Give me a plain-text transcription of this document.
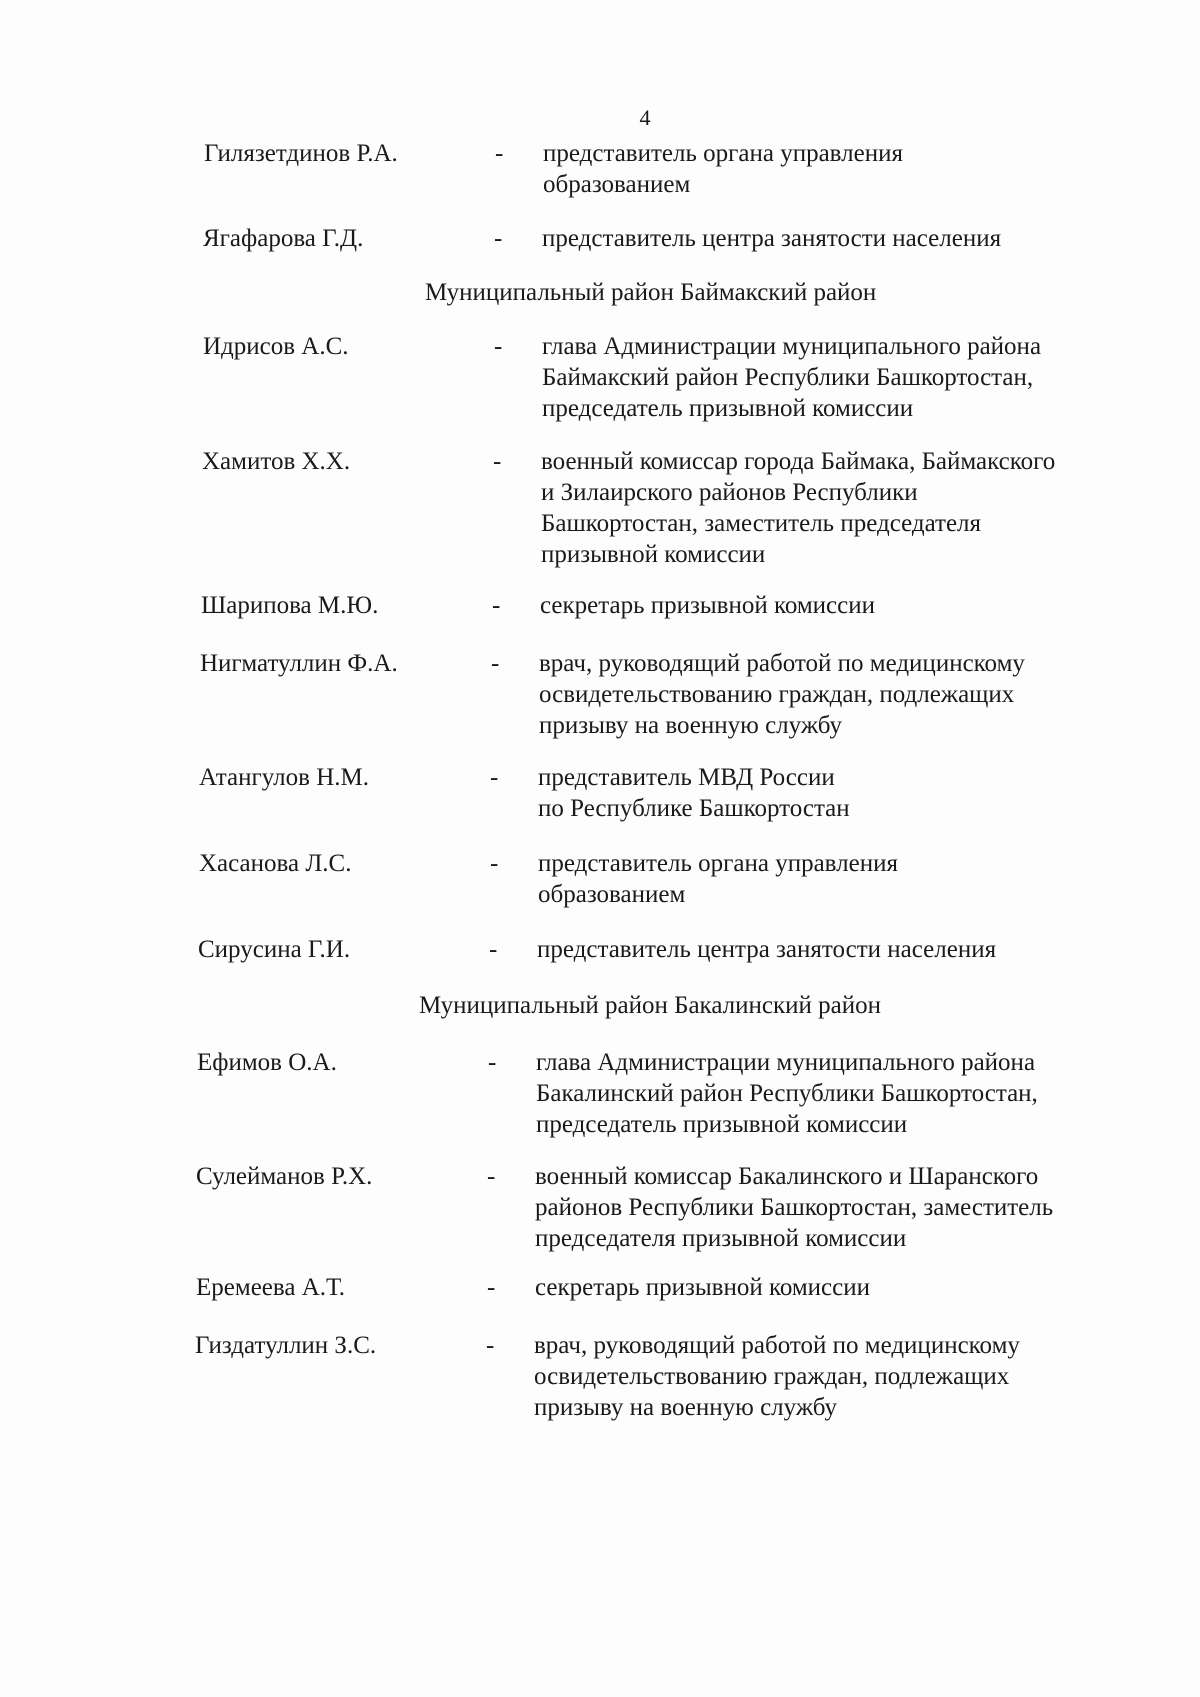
4
Гилязетдинов Р.А.	- представитель органа управления
образованием
Ягафарова Г.Д.	- представитель центра занятости населения
Муниципальный район Баймакский район
Идрисов А.С.	- глава Администрации муниципального района
Баймакский район Республики Башкортостан,
председатель призывной комиссии
Хамитов Х.Х.	- военный комиссар города Баймака, Баймакского
и Зилаирского районов Республики
Башкортостан, заместитель председателя
призывной комиссии
Шарипова М.Ю.	- секретарь призывной комиссии
Нигматуллин Ф.А.	- врач, руководящий работой по медицинскому
освидетельствованию граждан, подлежащих
призыву на военную службу
Атангулов Н.М.	- представитель МВД России
по Республике Башкортостан
Хасанова Л.С.	- представитель органа управления
образованием
Сирусина Г.И.	- представитель центра занятости населения
Муниципальный район Бакалинский район
Ефимов О.А.	- глава Администрации муниципального района
Бакалинский район Республики Башкортостан,
председатель призывной комиссии
Сулейманов Р.Х.	- военный комиссар Бакалинского и Шаранского
районов Республики Башкортостан, заместитель
председателя призывной комиссии
Еремеева А.Т.	- секретарь призывной комиссии
Гиздатуллин З.С.	- врач, руководящий работой по медицинскому
освидетельствованию граждан, подлежащих
призыву на военную службу
